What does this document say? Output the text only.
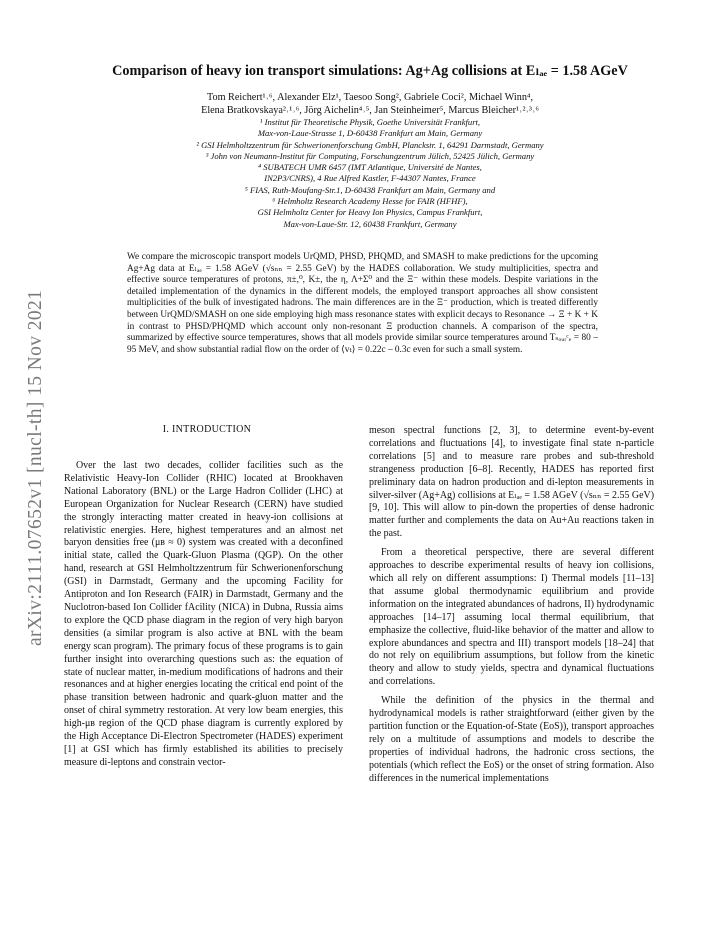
arXiv:2111.07652v1 [nucl-th] 15 Nov 2021
Comparison of heavy ion transport simulations: Ag+Ag collisions at Eₗₐₑ = 1.58 AGeV
Tom Reichert¹˒⁶, Alexander Elz¹, Taesoo Song², Gabriele Coci², Michael Winn⁴,
Elena Bratkovskaya²˒¹˒⁶, Jörg Aichelin⁴˒⁵, Jan Steinheimer⁵, Marcus Bleicher¹˒²˒³˒⁶
¹ Institut für Theoretische Physik, Goethe Universität Frankfurt,
Max-von-Laue-Strasse 1, D-60438 Frankfurt am Main, Germany
² GSI Helmholtzzentrum für Schwerionenforschung GmbH, Planckstr. 1, 64291 Darmstadt, Germany
³ John von Neumann-Institut für Computing, Forschungzentrum Jülich, 52425 Jülich, Germany
⁴ SUBATECH UMR 6457 (IMT Atlantique, Université de Nantes,
IN2P3/CNRS), 4 Rue Alfred Kastler, F-44307 Nantes, France
⁵ FIAS, Ruth-Moufang-Str.1, D-60438 Frankfurt am Main, Germany and
⁶ Helmholtz Research Academy Hesse for FAIR (HFHF),
GSI Helmholtz Center for Heavy Ion Physics, Campus Frankfurt,
Max-von-Laue-Str. 12, 60438 Frankfurt, Germany
We compare the microscopic transport models UrQMD, PHSD, PHQMD, and SMASH to make predictions for the upcoming Ag+Ag data at Eₗₐₑ = 1.58 AGeV (√sₙₙ = 2.55 GeV) by the HADES collaboration. We study multiplicities, spectra and effective source temperatures of protons, π±,⁰, K±, the η, Λ+Σ⁰ and the Ξ⁻ within these models. Despite variations in the detailed implementation of the dynamics in the different models, the employed transport approaches all show consistent multiplicities of the bulk of investigated hadrons. The main differences are in the Ξ⁻ production, which is treated differently between UrQMD/SMASH on one side employing high mass resonance states with explicit decays to Resonance → Ξ + K + K in contrast to PHSD/PHQMD which account only non-resonant Ξ production channels. A comparison of the spectra, summarized by effective source temperatures, shows that all models provide similar source temperatures around Tₛₒᵤᵣᶜₑ = 80 – 95 MeV, and show substantial radial flow on the order of ⟨vₜ⟩ = 0.22c – 0.3c even for such a small system.
I. INTRODUCTION

Over the last two decades, collider facilities such as the Relativistic Heavy-Ion Collider (RHIC) located at Brookhaven National Laboratory (BNL) or the Large Hadron Collider (LHC) at European Organization for Nuclear Research (CERN) have studied the strongly interacting matter created in heavy-ion collisions at relativistic energies. Here, highest temperatures and an almost net baryon densities free (μʙ ≈ 0) system was created with a deconfined initial state, called the Quark-Gluon Plasma (QGP). On the other hand, research at GSI Helmholtzzentrum für Schwerionenforschung (GSI) in Darmstadt, Germany and the upcoming Facility for Antiproton and Ion Research (FAIR) in Darmstadt, Germany and the Nuclotron-based Ion Collider fAcility (NICA) in Dubna, Russia aims to explore the QCD phase diagram in the region of very high baryon densities (a similar program is also active at BNL with the beam energy scan program). The primary focus of these programs is to gain further insight into overarching questions such as: the equation of state of nuclear matter, in-medium modifications of hadrons and their resonances and at higher energies locating the critical end point of the phase transition between hadronic and quark-gluon matter and the onset of chiral symmetry restoration. At very low beam energies, this high-μʙ region of the QCD phase diagram is currently explored by the High Acceptance Di-Electron Spectrometer (HADES) experiment [1] at GSI which has firmly established its abilities to precisely measure di-leptons and constrain vector-

meson spectral functions [2, 3], to determine event-by-event correlations and fluctuations [4], to investigate final state n-particle correlations [5] and to measure rare probes and sub-threshold strangeness production [6–8]. Recently, HADES has reported first preliminary data on hadron production and di-lepton measurements in silver-silver (Ag+Ag) collisions at Eₗₐₑ = 1.58 AGeV (√sₙₙ = 2.55 GeV) [9, 10]. This will allow to pin-down the properties of dense hadronic matter further and complements the data on Au+Au reactions taken in the past.

From a theoretical perspective, there are several different approaches to describe experimental results of heavy ion collisions, which all rely on different assumptions: I) Thermal models [11–13] that assume global thermodynamic equilibrium and provide information on the integrated abundances of hadrons, II) hydrodynamic approaches [14–17] assuming local thermal equilibrium, that emphasize the collective, fluid-like behavior of the matter and allow to explore abundances and spectra and III) transport models [18–24] that do not rely on equilibrium assumptions, but follow from the kinetic theory and allow to study yields, spectra and dynamical fluctuations and correlations.

While the definition of the physics in the thermal and hydrodynamical models is rather straightforward (either given by the partition function or the Equation-of-State (EoS)), transport approaches rely on a multitude of assumptions and models to describe the properties of individual hadrons, the hadronic cross sections, the potentials (which reflect the EoS) or the onset of string formation. Also differences in the numerical implementations
